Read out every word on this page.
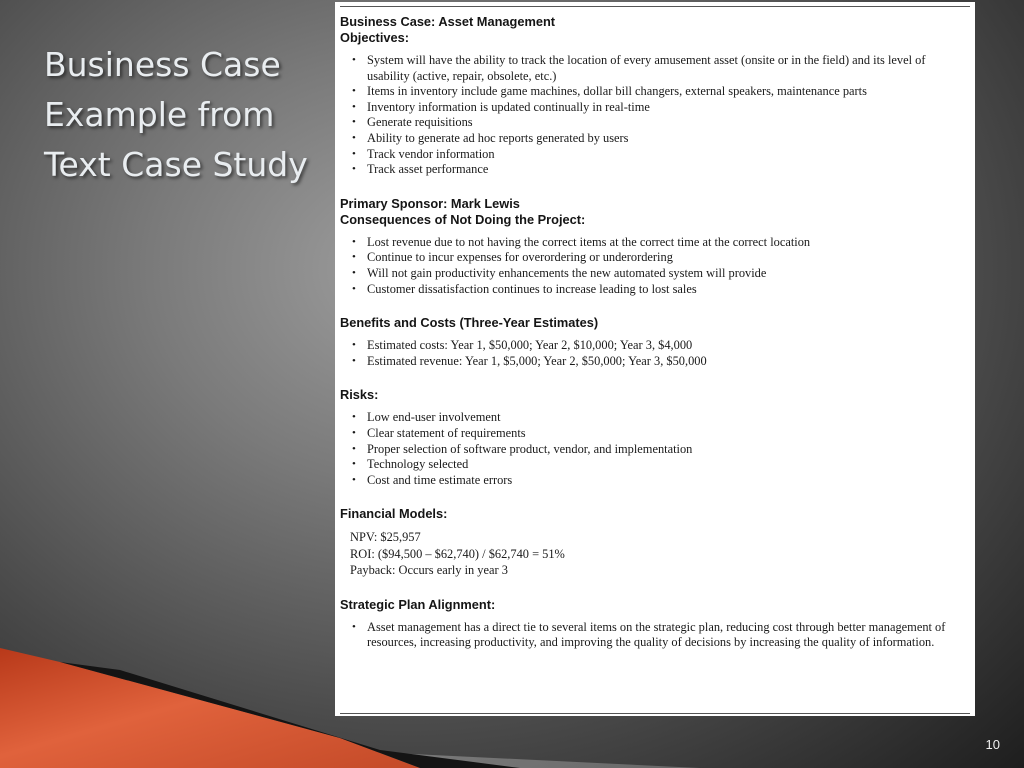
Business Case
Example from
Text Case Study
Business Case: Asset Management
Objectives:
• System will have the ability to track the location of every amusement asset (onsite or in the field) and its level of usability (active, repair, obsolete, etc.)
• Items in inventory include game machines, dollar bill changers, external speakers, maintenance parts
• Inventory information is updated continually in real-time
• Generate requisitions
• Ability to generate ad hoc reports generated by users
• Track vendor information
• Track asset performance
Primary Sponsor: Mark Lewis
Consequences of Not Doing the Project:
• Lost revenue due to not having the correct items at the correct time at the correct location
• Continue to incur expenses for overordering or underordering
• Will not gain productivity enhancements the new automated system will provide
• Customer dissatisfaction continues to increase leading to lost sales
Benefits and Costs (Three-Year Estimates)
• Estimated costs: Year 1, $50,000; Year 2, $10,000; Year 3, $4,000
• Estimated revenue: Year 1, $5,000; Year 2, $50,000; Year 3, $50,000
Risks:
• Low end-user involvement
• Clear statement of requirements
• Proper selection of software product, vendor, and implementation
• Technology selected
• Cost and time estimate errors
Financial Models:
NPV: $25,957
ROI: ($94,500 – $62,740) / $62,740 = 51%
Payback: Occurs early in year 3
Strategic Plan Alignment:
• Asset management has a direct tie to several items on the strategic plan, reducing cost through better management of resources, increasing productivity, and improving the quality of decisions by increasing the quality of information.
10
